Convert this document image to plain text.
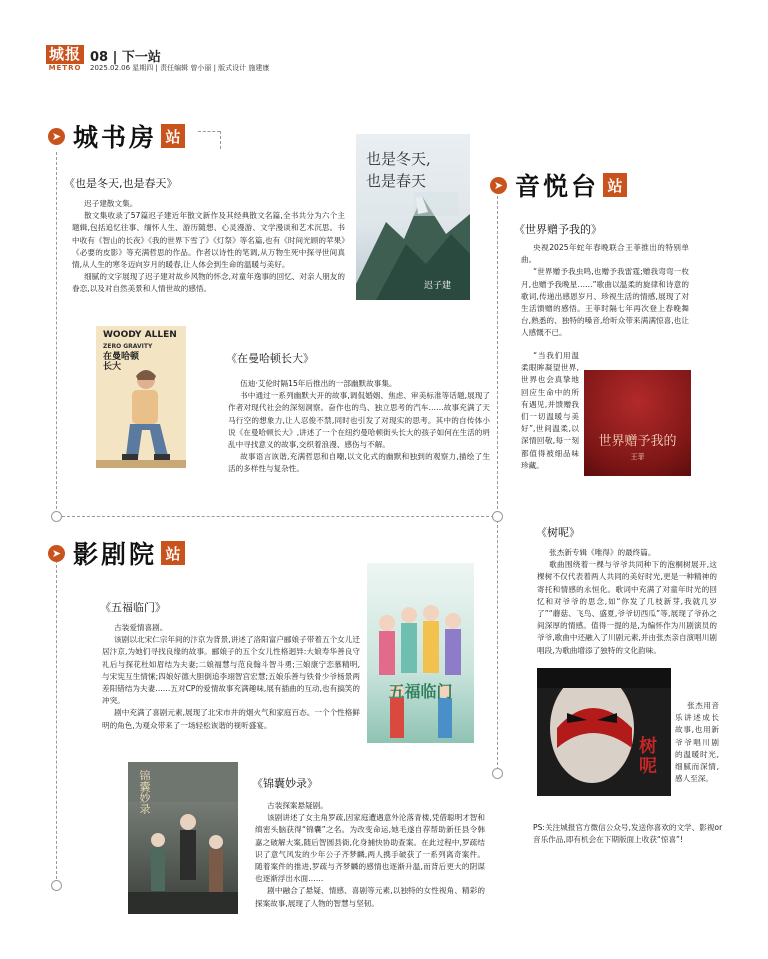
城报
METRO
08 | 下一站
2025.02.06 星期四 | 责任编辑 曾小丽 | 版式设计 施建康
➤ 城书房 站
➤ 音悦台 站
➤ 影剧院 站
《也是冬天,也是春天》

迟子建散文集。

散文集收录了57篇迟子建近年散文新作及其经典散文名篇,全书共分为六个主题辑,包括追忆往事、缅怀人生、游历随想、心灵漫游、文学漫谈和艺术沉思。书中收有《智山的长夜》《我的世界下雪了》《灯祭》等名篇,也有《时间光顾的苹果》《必要的皮影》等充满哲思的作品。作者以诗性的笔调,从万物生死中探寻世间真情,从人生的寒冬迈向岁月的暖春,让人体会到生命的温暖与美好。

细腻的文字展现了迟子建对故乡风物的怀念,对童年逸事的回忆、对亲人朋友的眷恋,以及对自然美景和人情世故的感悟。

也是冬天,
也是春天
迟子建
WOODY ALLEN
ZERO GRAVITY
在曼哈顿
长大
《在曼哈顿长大》

伍迪·艾伦时隔15年后推出的一部幽默故事集。

书中通过一系列幽默大开的故事,调侃婚姻、焦虑、审美标准等话题,展现了作者对现代社会的深刻洞察。奋作也的鸟、独立思考的汽车……故事充满了天马行空的想象力,让人忍俊不禁,同时也引发了对现实的思考。其中的自传体小说《在曼哈顿长大》,讲述了一个在纽约曼哈顿街头长大的孩子如何在生活的坍乱中寻找意义的故事,交织着浪漫、感伤与不解。

故事语言诙谐,充满哲思和自嘲,以文化式的幽默和独到的观察力,描绘了生活的多样性与复杂性。

《世界赠予我的》

央视2025年蛇年春晚联合王菲推出的特别单曲。

“世界赠予我虫鸣,也赠予我雷霆;赠我弯弯一枚月,也赠予我晚星……”歌曲以温柔的旋律和诗意的歌词,传递出感恩岁月、珍视生活的情感,展现了对生活馈赠的感悟。王菲时隔七年再次登上春晚舞台,熟悉的、独特的嗓音,给听众带来满满惊喜,也让人感慨不已。

“当我们用温柔眼眸凝望世界,世界也会真挚地回应生命中的所有遇见,并馈赠我们一切温暖与美好”,世间温柔,以深情回敬,每一刻都值得被细品味珍藏。

世界赠予我的
王菲
《树呢》

张杰新专辑《唯得》的最终篇。

歌曲围绕着一棵与爷爷共同种下的泡桐树展开,这棵树不仅代表着两人共同的美好时光,更是一种精神的寄托和情感的永恒化。歌词中充满了对童年时光的回忆和对爷爷的思念,如“你发了几枝新芽,我就几岁了”“蘑菇、飞鸟、盛夏,爷爷切西瓜”等,展现了爷孙之间深厚的情感。值得一提的是,为编怀作为川剧演员的爷爷,歌曲中还融入了川剧元素,并由张杰亲自演唱川剧唱段,为歌曲增添了独特的文化韵味。

张杰用音乐讲述成长故事,也用新爷爷唱川剧的温暖时光,细腻而深情,感人至深。

树呢
《五福临门》

古装爱情喜剧。

该剧以北宋仁宗年间的汴京为背景,讲述了洛阳富户郦娘子带着五个女儿迁居汴京,为她们寻找良缘的故事。郦娘子的五个女儿性格迥异:大娘寿华善良守礼后与探花杜如眉结为夫妻;二娘福慧与范良翰斗智斗勇;三娘康宁恋慕精明,与宋宪互生情愫;四娘好德大胆倒追李翊智宫宏慧;五娘乐善与铁骨少爷杨景两差阳错结为夫妻……五对CP的爱情故事充满趣味,展有插曲的互动,也有搞笑的冲突。

剧中充满了喜剧元素,展现了北宋市井的烟火气和家庭百态。一个个性格鲜明的角色,为观众带来了一场轻松诙谐的视听盛宴。

五福临门
锦囊妙录	《锦囊妙录》

古装探案悬疑剧。

该剧讲述了女主角罗疏,因家庭遭遇意外沦落青楼,凭借聪明才智和缜密头脑获得“锦囊”之名。为改变命运,她毛遂自荐帮助新任县令韩嘉之破解大案,随后智圆县衙,化身捕快协助查案。在此过程中,罗疏结识了意气风发的少年公子齐梦麟,两人携手破获了一系列离奇案件。随着案件的推进,罗疏与齐梦麟的感情也逐渐升温,而背后更大的阴谋也逐渐浮出水面……

剧中融合了悬疑、情感、喜剧等元素,以独特的女性视角、精彩的探案故事,展现了人物的智慧与坚韧。

PS:关注城报官方微信公众号,发送你喜欢的文学、影视or音乐作品,即有机会在下期版面上收获“惊喜”!
